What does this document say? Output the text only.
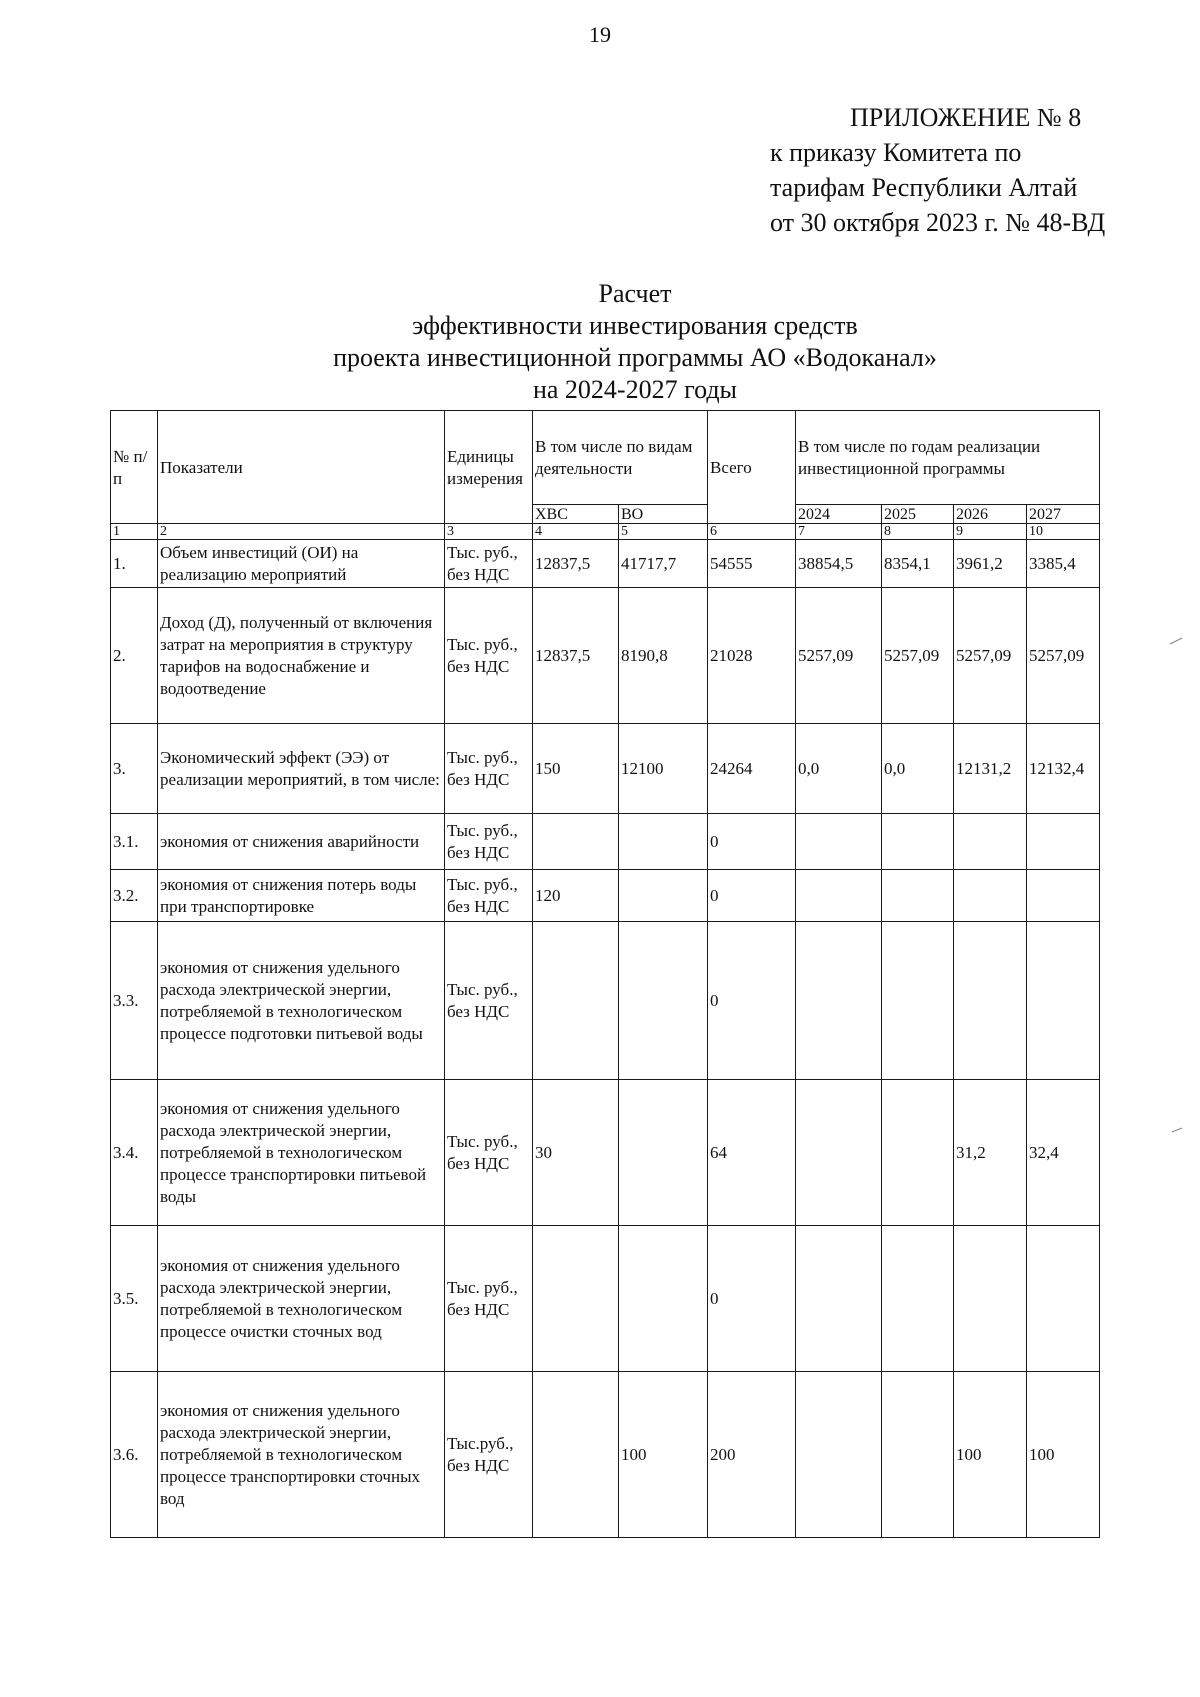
19
ПРИЛОЖЕНИЕ № 8
к приказу Комитета по
тарифам Республики Алтай
от 30 октября 2023 г. № 48-ВД
Расчет
эффективности инвестирования средств
проекта инвестиционной программы АО «Водоканал»
на 2024-2027 годы
№ п/п	Показатели	Единицы измерения	В том числе по видам деятельности		Всего	В том числе по годам реализации инвестиционной программы			
			ХВС	ВО		2024	2025	2026	2027
1	2	3	4	5	6	7	8	9	10
1.	Объем инвестиций (ОИ) на реализацию мероприятий	Тыс. руб., без НДС	12837,5	41717,7	54555	38854,5	8354,1	3961,2	3385,4
2.	Доход (Д), полученный от включения затрат на мероприятия в структуру тарифов на водоснабжение и водоотведение	Тыс. руб., без НДС	12837,5	8190,8	21028	5257,09	5257,09	5257,09	5257,09
3.	Экономический эффект (ЭЭ) от реализации мероприятий, в том числе:	Тыс. руб., без НДС	150	12100	24264	0,0	0,0	12131,2	12132,4
3.1.	экономия от снижения аварийности	Тыс. руб., без НДС			0				
3.2.	экономия от снижения потерь воды при транспортировке	Тыс. руб., без НДС	120		0				
3.3.	экономия от снижения удельного расхода электрической энергии, потребляемой в технологическом процессе подготовки питьевой воды	Тыс. руб., без НДС			0				
3.4.	экономия от снижения удельного расхода электрической энергии, потребляемой в технологическом процессе транспортировки питьевой воды	Тыс. руб., без НДС	30		64			31,2	32,4
3.5.	экономия от снижения удельного расхода электрической энергии, потребляемой в технологическом процессе очистки сточных вод	Тыс. руб., без НДС			0				
3.6.	экономия от снижения удельного расхода электрической энергии, потребляемой в технологическом процессе транспортировки сточных вод	Тыс.руб., без НДС		100	200			100	100
